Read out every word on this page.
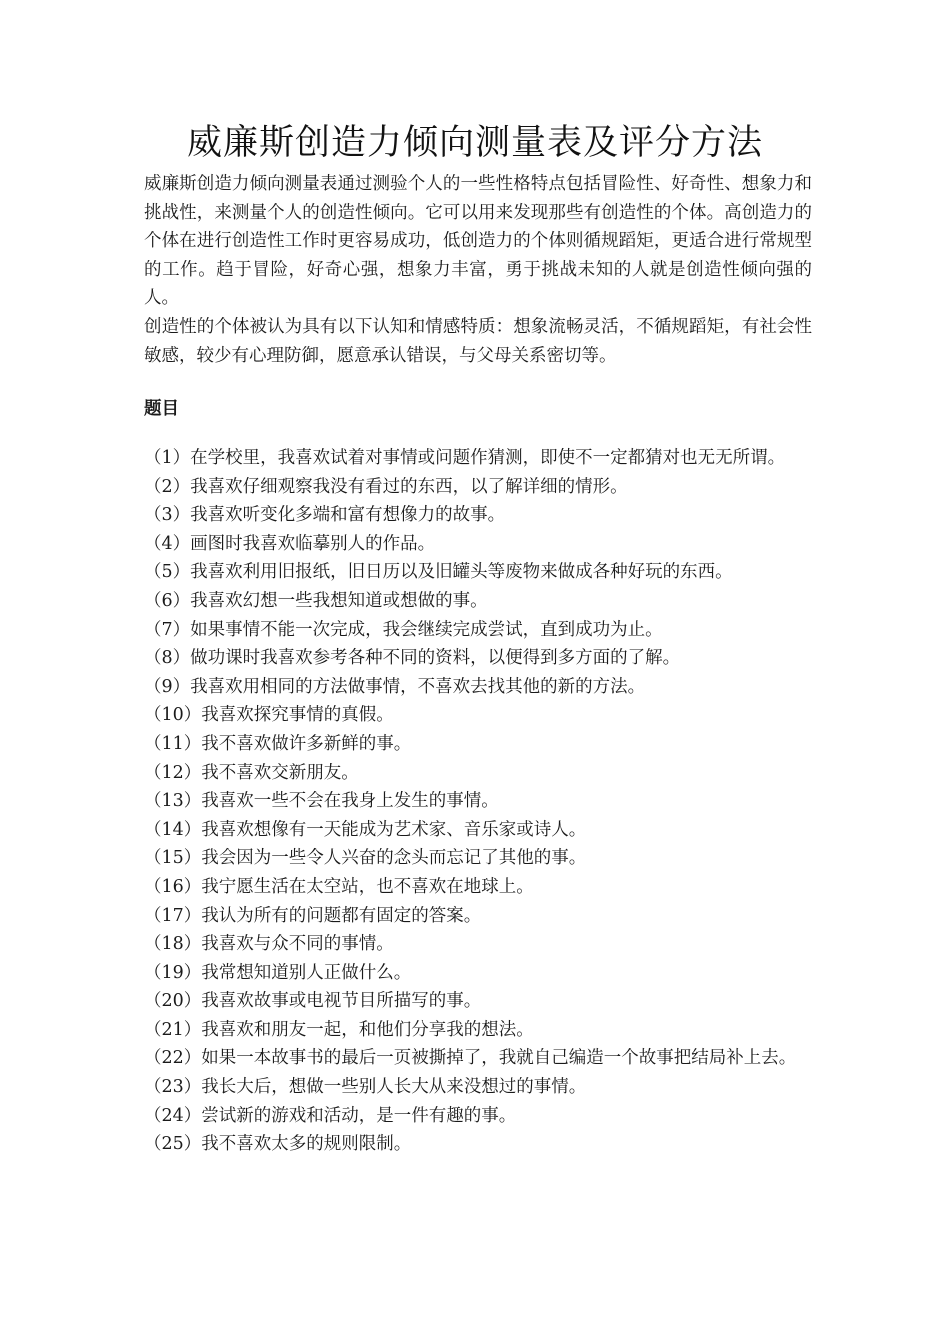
威廉斯创造力倾向测量表及评分方法

威廉斯创造力倾向测量表通过测验个人的一些性格特点包括冒险性、好奇性、想象力和挑战性，来测量个人的创造性倾向。它可以用来发现那些有创造性的个体。高创造力的个体在进行创造性工作时更容易成功，低创造力的个体则循规蹈矩，更适合进行常规型的工作。趋于冒险，好奇心强，想象力丰富，勇于挑战未知的人就是创造性倾向强的人。

创造性的个体被认为具有以下认知和情感特质：想象流畅灵活，不循规蹈矩，有社会性敏感，较少有心理防御，愿意承认错误，与父母关系密切等。

题目
（1）在学校里，我喜欢试着对事情或问题作猜测，即使不一定都猜对也无无所谓。
（2）我喜欢仔细观察我没有看过的东西，以了解详细的情形。
（3）我喜欢听变化多端和富有想像力的故事。
（4）画图时我喜欢临摹别人的作品。
（5）我喜欢利用旧报纸，旧日历以及旧罐头等废物来做成各种好玩的东西。
（6）我喜欢幻想一些我想知道或想做的事。
（7）如果事情不能一次完成，我会继续完成尝试，直到成功为止。
（8）做功课时我喜欢参考各种不同的资料，以便得到多方面的了解。
（9）我喜欢用相同的方法做事情，不喜欢去找其他的新的方法。
（10）我喜欢探究事情的真假。
（11）我不喜欢做许多新鲜的事。
（12）我不喜欢交新朋友。
（13）我喜欢一些不会在我身上发生的事情。
（14）我喜欢想像有一天能成为艺术家、音乐家或诗人。
（15）我会因为一些令人兴奋的念头而忘记了其他的事。
（16）我宁愿生活在太空站，也不喜欢在地球上。
（17）我认为所有的问题都有固定的答案。
（18）我喜欢与众不同的事情。
（19）我常想知道别人正做什么。
（20）我喜欢故事或电视节目所描写的事。
（21）我喜欢和朋友一起，和他们分享我的想法。
（22）如果一本故事书的最后一页被撕掉了，我就自己编造一个故事把结局补上去。
（23）我长大后，想做一些别人长大从来没想过的事情。
（24）尝试新的游戏和活动，是一件有趣的事。
（25）我不喜欢太多的规则限制。
